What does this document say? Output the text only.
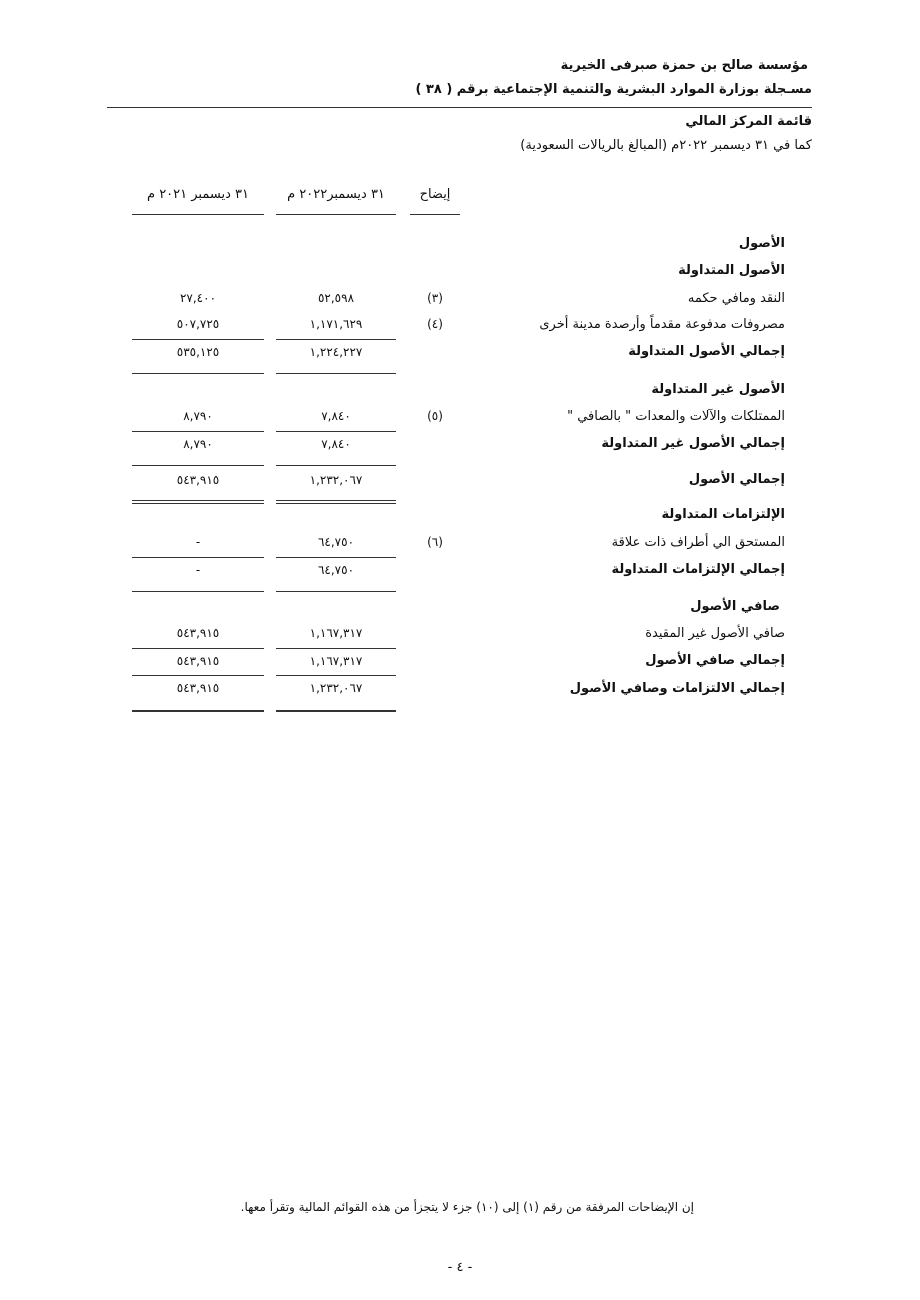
مؤسسة صالح بن حمزة صبرفى الخيرية
مسـجلة بوزارة الموارد البشرية والتنمية الإجتماعية برقم ( ٣٨ )
قائمة المركز المالي
كما في ٣١ ديسمبر ٢٠٢٢م (المبالغ بالريالات السعودية)
إيضاح
٣١ ديسمبر٢٠٢٢ م
٣١ ديسمبر ٢٠٢١ م
الأصول
الأصول المتداولة
النقد ومافي حكمه
(٣)
٥٢,٥٩٨
٢٧,٤٠٠
مصروفات مدفوعة مقدماً وأرصدة مدينة أخرى
(٤)
١,١٧١,٦٢٩
٥٠٧,٧٢٥
إجمالي الأصول المتداولة
١,٢٢٤,٢٢٧
٥٣٥,١٢٥
الأصول غير المتداولة
الممتلكات والآلات والمعدات " بالصافي "
(٥)
٧,٨٤٠
٨,٧٩٠
إجمالي الأصول غير المتداولة
٧,٨٤٠
٨,٧٩٠
إجمالي الأصول
١,٢٣٢,٠٦٧
٥٤٣,٩١٥
الإلتزامات المتداولة
المستحق الي أطراف ذات علاقة
(٦)
٦٤,٧٥٠
-
إجمالي الإلتزامات المتداولة
٦٤,٧٥٠
-
صافي الأصول
صافي الأصول غير المقيدة
١,١٦٧,٣١٧
٥٤٣,٩١٥
إجمالي صافي الأصول
١,١٦٧,٣١٧
٥٤٣,٩١٥
إجمالي الالتزامات وصافي الأصول
١,٢٣٢,٠٦٧
٥٤٣,٩١٥
إن الإيضاحات المرفقة من رقم (١) إلى (١٠) جزء لا يتجزأ من هذه القوائم المالية وتقرأ معها.
- ٤ -
